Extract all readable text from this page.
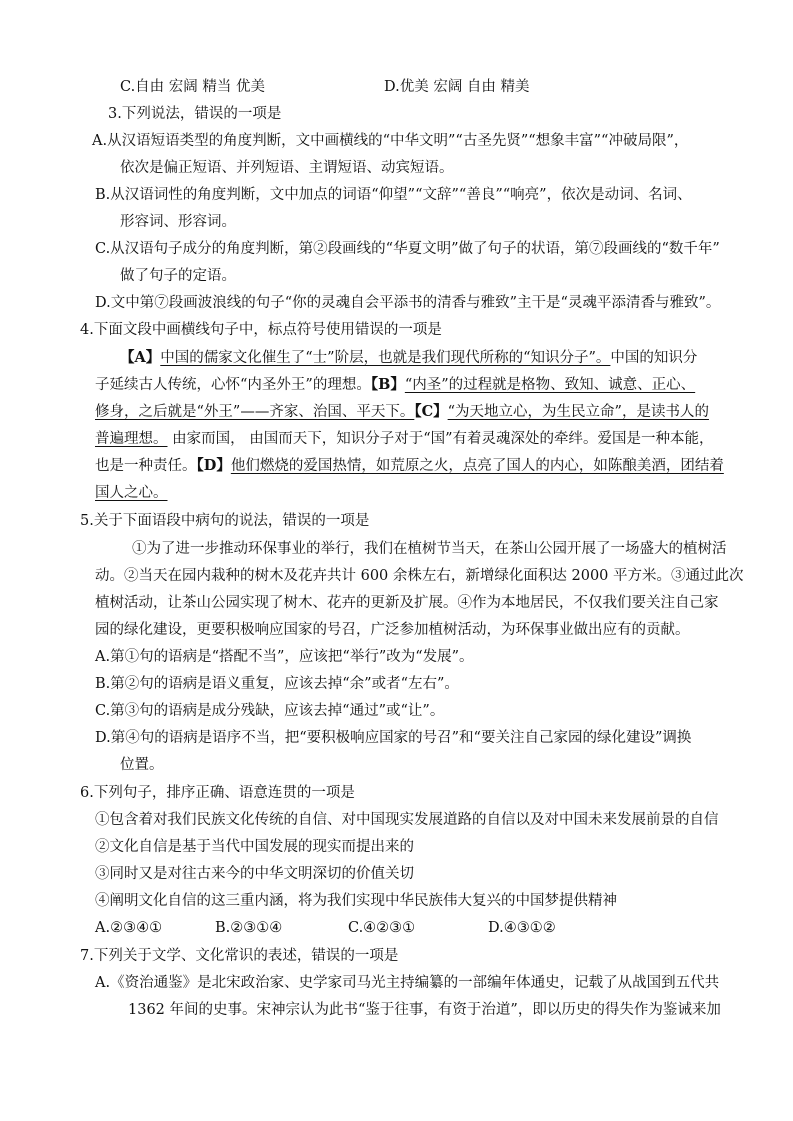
C.自由 宏阔 精当 优美	D.优美 宏阔 自由 精美
3.下列说法，错误的一项是
A.从汉语短语类型的角度判断，文中画横线的“中华文明”“古圣先贤”“想象丰富”“冲破局限”，
依次是偏正短语、并列短语、主谓短语、动宾短语。
B.从汉语词性的角度判断，文中加点的词语“仰望”“文辞”“善良”“响亮”，依次是动词、名词、
形容词、形容词。
C.从汉语句子成分的角度判断，第②段画线的“华夏文明”做了句子的状语，第⑦段画线的“数千年”
做了句子的定语。
D.文中第⑦段画波浪线的句子“你的灵魂自会平添书的清香与雅致”主干是“灵魂平添清香与雅致”。
4.下面文段中画横线句子中，标点符号使用错误的一项是
【A】中国的儒家文化催生了“士”阶层，也就是我们现代所称的“知识分子”。中国的知识分
子延续古人传统，心怀“内圣外王”的理想。【B】“内圣”的过程就是格物、致知、诚意、正心、
修身，之后就是“外王”——齐家、治国、平天下。【C】“为天地立心，为生民立命”，是读书人的
普遍理想。 由家而国， 由国而天下，知识分子对于“国”有着灵魂深处的牵绊。爱国是一种本能，
也是一种责任。【D】他们燃烧的爱国热情，如荒原之火，点亮了国人的内心，如陈酿美酒，团结着
国人之心。
5.关于下面语段中病句的说法，错误的一项是
①为了进一步推动环保事业的举行，我们在植树节当天，在茶山公园开展了一场盛大的植树活
动。②当天在园内栽种的树木及花卉共计 600 余株左右，新增绿化面积达 2000 平方米。③通过此次
植树活动，让茶山公园实现了树木、花卉的更新及扩展。④作为本地居民，不仅我们要关注自己家
园的绿化建设，更要积极响应国家的号召，广泛参加植树活动，为环保事业做出应有的贡献。
A.第①句的语病是“搭配不当”，应该把“举行”改为“发展”。
B.第②句的语病是语义重复，应该去掉“余”或者“左右”。
C.第③句的语病是成分残缺，应该去掉“通过”或“让”。
D.第④句的语病是语序不当，把“要积极响应国家的号召”和“要关注自己家园的绿化建设”调换
位置。
6.下列句子，排序正确、语意连贯的一项是
①包含着对我们民族文化传统的自信、对中国现实发展道路的自信以及对中国未来发展前景的自信
②文化自信是基于当代中国发展的现实而提出来的
③同时又是对往古来今的中华文明深切的价值关切
④阐明文化自信的这三重内涵，将为我们实现中华民族伟大复兴的中国梦提供精神
A.②③④①	B.②③①④	C.④②③①	D.④③①②
7.下列关于文学、文化常识的表述，错误的一项是
A.《资治通鉴》是北宋政治家、史学家司马光主持编纂的一部编年体通史，记载了从战国到五代共
1362 年间的史事。宋神宗认为此书“鉴于往事，有资于治道”，即以历史的得失作为鉴诫来加
